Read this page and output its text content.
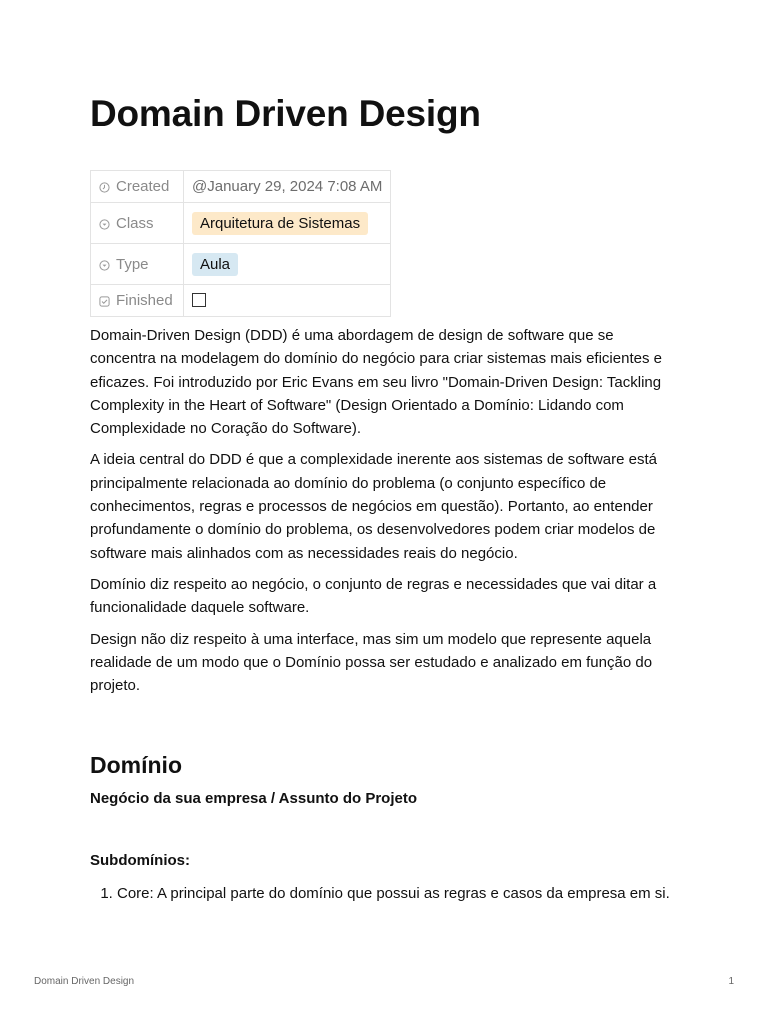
Domain Driven Design
Created	@January 29, 2024 7:08 AM
Class	Arquitetura de Sistemas
Type	Aula
Finished	

Domain-Driven Design (DDD) é uma abordagem de design de software que se concentra na modelagem do domínio do negócio para criar sistemas mais eficientes e eficazes. Foi introduzido por Eric Evans em seu livro "Domain-Driven Design: Tackling Complexity in the Heart of Software" (Design Orientado a Domínio: Lidando com Complexidade no Coração do Software).

A ideia central do DDD é que a complexidade inerente aos sistemas de software está principalmente relacionada ao domínio do problema (o conjunto específico de conhecimentos, regras e processos de negócios em questão). Portanto, ao entender profundamente o domínio do problema, os desenvolvedores podem criar modelos de software mais alinhados com as necessidades reais do negócio.

Domínio diz respeito ao negócio, o conjunto de regras e necessidades que vai ditar a funcionalidade daquele software.

Design não diz respeito à uma interface, mas sim um modelo que represente aquela realidade de um modo que o Domínio possa ser estudado e analizado em função do projeto.

Domínio
Negócio da sua empresa / Assunto do Projeto
Subdomínios:
1. Core: A principal parte do domínio que possui as regras e casos da empresa em si.
Domain Driven Design	1
